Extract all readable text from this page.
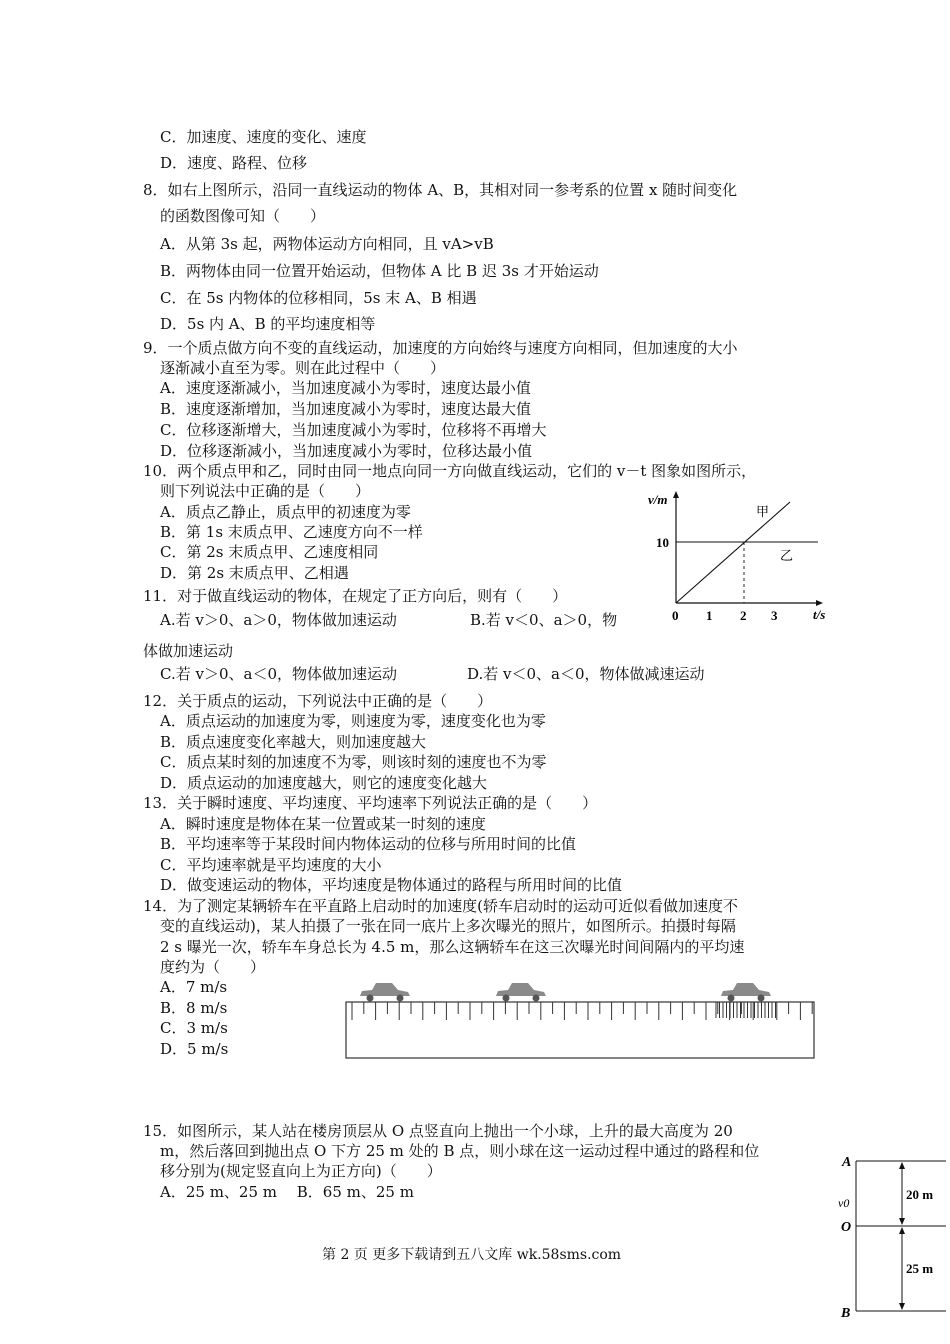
C．加速度、速度的变化、速度
D．速度、路程、位移
8．如右上图所示，沿同一直线运动的物体 A、B，其相对同一参考系的位置 x 随时间变化
的函数图像可知（　　）
A．从第 3s 起，两物体运动方向相同，且 vA>vB
B．两物体由同一位置开始运动，但物体 A 比 B 迟 3s 才开始运动
C．在 5s 内物体的位移相同，5s 末 A、B 相遇
D．5s 内 A、B 的平均速度相等
9．一个质点做方向不变的直线运动，加速度的方向始终与速度方向相同，但加速度的大小
逐渐减小直至为零。则在此过程中（　　）
A．速度逐渐减小，当加速度减小为零时，速度达最小值
B．速度逐渐增加，当加速度减小为零时，速度达最大值
C．位移逐渐增大，当加速度减小为零时，位移将不再增大
D．位移逐渐减小，当加速度减小为零时，位移达最小值
10．两个质点甲和乙，同时由同一地点向同一方向做直线运动，它们的 v－t 图象如图所示，
则下列说法中正确的是（　　）
A．质点乙静止，质点甲的初速度为零
B．第 1s 末质点甲、乙速度方向不一样
C．第 2s 末质点甲、乙速度相同
D．第 2s 末质点甲、乙相遇
v/m
t/s
10
0 1 2 3
甲
乙
11．对于做直线运动的物体，在规定了正方向后，则有（　　）
A.若 v＞0、a＞0，物体做加速运动	B.若 v＜0、a＞0，物
体做加速运动
C.若 v＞0、a＜0，物体做加速运动	D.若 v＜0、a＜0，物体做减速运动
12．关于质点的运动，下列说法中正确的是（　　）
A．质点运动的加速度为零，则速度为零，速度变化也为零
B．质点速度变化率越大，则加速度越大
C．质点某时刻的加速度不为零，则该时刻的速度也不为零
D．质点运动的加速度越大，则它的速度变化越大
13．关于瞬时速度、平均速度、平均速率下列说法正确的是（　　）
A．瞬时速度是物体在某一位置或某一时刻的速度
B．平均速率等于某段时间内物体运动的位移与所用时间的比值
C．平均速率就是平均速度的大小
D．做变速运动的物体，平均速度是物体通过的路程与所用时间的比值
14．为了测定某辆轿车在平直路上启动时的加速度(轿车启动时的运动可近似看做加速度不
变的直线运动)，某人拍摄了一张在同一底片上多次曝光的照片，如图所示。拍摄时每隔
2 s 曝光一次，轿车车身总长为 4.5 m，那么这辆轿车在这三次曝光时间间隔内的平均速
度约为（　　）
A．7 m/s
B．8 m/s
C．3 m/s
D．5 m/s
15．如图所示，某人站在楼房顶层从 O 点竖直向上抛出一个小球，上升的最大高度为 20
m，然后落回到抛出点 O 下方 25 m 处的 B 点，则小球在这一运动过程中通过的路程和位
移分别为(规定竖直向上为正方向)（　　）
A．25 m、25 m　 B．65 m、25 m
A
O
B
v0
20 m
25 m
第 2 页 更多下载请到五八文库 wk.58sms.com
